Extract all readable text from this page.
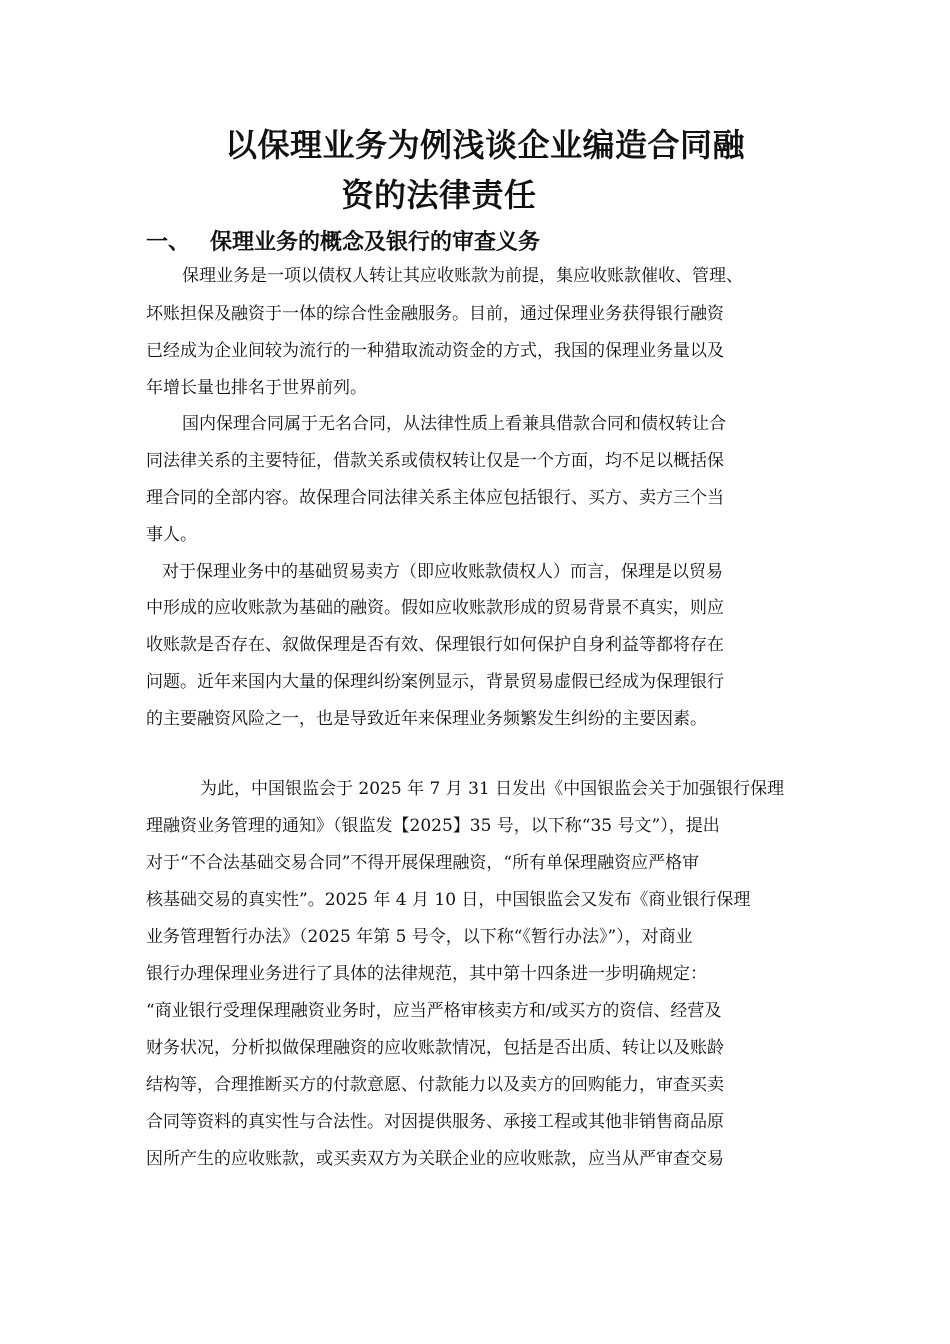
以保理业务为例浅谈企业编造合同融
资的法律责任
一、 保理业务的概念及银行的审查义务

保理业务是一项以债权人转让其应收账款为前提，集应收账款催收、管理、

坏账担保及融资于一体的综合性金融服务。目前，通过保理业务获得银行融资

已经成为企业间较为流行的一种猎取流动资金的方式，我国的保理业务量以及

年增长量也排名于世界前列。

国内保理合同属于无名合同，从法律性质上看兼具借款合同和债权转让合

同法律关系的主要特征，借款关系或债权转让仅是一个方面，均不足以概括保

理合同的全部内容。故保理合同法律关系主体应包括银行、买方、卖方三个当

事人。

对于保理业务中的基础贸易卖方（即应收账款债权人）而言，保理是以贸易

中形成的应收账款为基础的融资。假如应收账款形成的贸易背景不真实，则应

收账款是否存在、叙做保理是否有效、保理银行如何保护自身利益等都将存在

问题。近年来国内大量的保理纠纷案例显示，背景贸易虚假已经成为保理银行

的主要融资风险之一，也是导致近年来保理业务频繁发生纠纷的主要因素。

为此，中国银监会于 2025 年 7 月 31 日发出《中国银监会关于加强银行保理

理融资业务管理的通知》（银监发【2025】35 号，以下称“35 号文”），提出

对于“不合法基础交易合同”不得开展保理融资，“所有单保理融资应严格审

核基础交易的真实性”。2025 年 4 月 10 日，中国银监会又发布《商业银行保理

业务管理暂行办法》（2025 年第 5 号令，以下称“《暂行办法》”），对商业

银行办理保理业务进行了具体的法律规范，其中第十四条进一步明确规定：

“商业银行受理保理融资业务时，应当严格审核卖方和/或买方的资信、经营及

财务状况，分析拟做保理融资的应收账款情况，包括是否出质、转让以及账龄

结构等，合理推断买方的付款意愿、付款能力以及卖方的回购能力，审查买卖

合同等资料的真实性与合法性。对因提供服务、承接工程或其他非销售商品原

因所产生的应收账款，或买卖双方为关联企业的应收账款，应当从严审查交易
